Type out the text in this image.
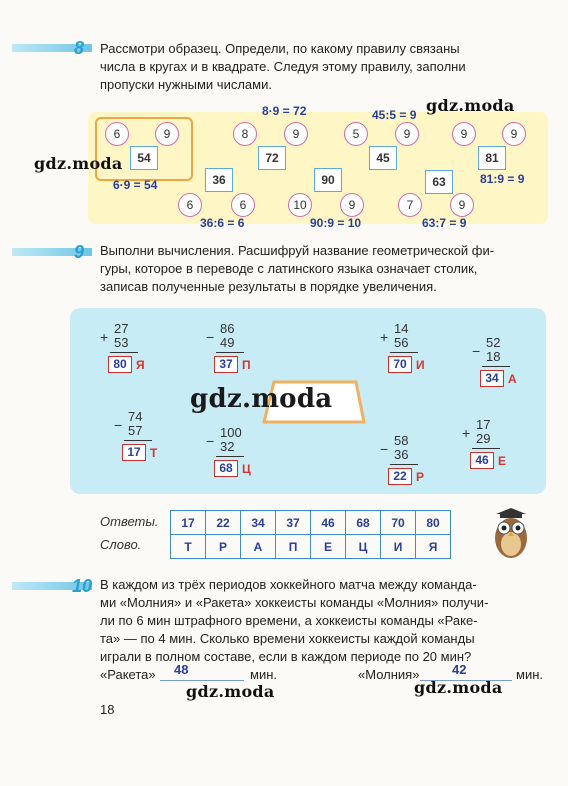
8 Рассмотри образец. Определи, по какому правилу связаны
числа в кругах и в квадрате. Следуя этому правилу, заполни
пропуски нужными числами.
6	9
54
6·9 = 54
8·9 = 72
8	9
72
45:5 = 9
5	9
45
9	9
81
81:9 = 9
36
6	6
36:6 = 6
90
10	9
90:9 = 10
63
7	9
63:7 = 9
gdz.moda
gdz.moda
9 Выполни вычисления. Расшифруй название геометрической фи-
гуры, которое в переводе с латинского языка означает столик,
записав полученные результаты в порядке увеличения.
+
27
53
80 Я
−
86
49
37 П
+
14
56
70 И
−
52
18
34 А
−
74
57
17 Т
−
100
32
68 Ц
−
58
36
22 Р
+
17
29
46 Е
gdz.moda
Ответы.
Слово.
17	22	34	37	46	68	70	80
Т	Р	А	П	Е	Ц	И	Я
10 В каждом из трёх периодов хоккейного матча между команда-
ми «Молния» и «Ракета» хоккеисты команды «Молния» получи-
ли по 6 мин штрафного времени, а хоккеисты команды «Раке-
та» — по 4 мин. Сколько времени хоккеисты каждой команды
играли в полном составе, если в каждом периоде по 20 мин?
«Ракета» 48	мин.	«Молния»	42	мин.
gdz.moda	gdz.moda
18
